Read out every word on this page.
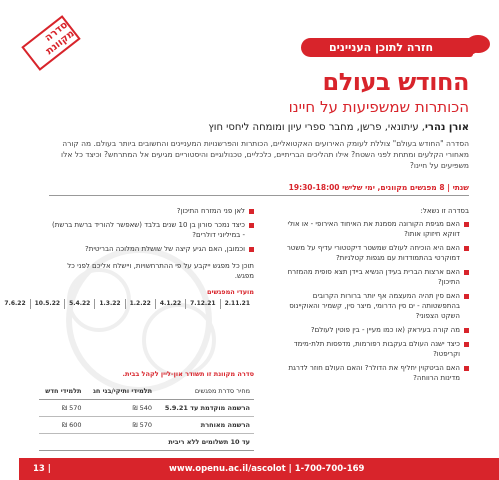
סדרה מקוונת	חזרה לתוכן העניינים
החודש בעולם
הכותרות שמשפיעות על חיינו
אורן נהרי, עיתונאי, פרשן, מחבר ספרי עיון ומומחה ליחסי חוץ
הסדרה "החודש בעולם" צוללת לעומק האירועים האקטואליים, הכותרות והפרשנויות המעניינים והחשובים ביותר בעולם. מה קורה מאחורי הקלעים ומתחת לפני השטח? אילו תהליכים הבריתיים, כלכליים, טכנולוגיים והיסטוריים מגיעים אל המתרחש? וכיצד כל אלו משפיעים על חיינו?
שנתי | 8 מפגשים מקוונים, ימי שלישי 19:30-18:00
בסדרה זו נשאל:
האם מגיפת הקורונה מסמנת את האיחוד האירופי - או אולי דווקא חיזוקו אותו?
האם היא הוכיחה לעולם שמשטר דיקטטורי עדיף על משטר דמוקרטי בהתמודדות עם מגפות קטלניות?
האם ארצות הברית בעידן הנשיא ביידן תצא סופית מהמזרח התיכון?
האם סין תהיה המעצמה אף יותר ברורות הקרובים בהתפשטותה - ים סין הדרומי, מיצר סין, קשמיר והאוקיינוס השקט הצפוני?
מה קורה בעיראק (או כמו מעיין - בין פוטין לעולם?
כיצד ישנה העולם בעקבות רפורמות, מדפסות תלת-מימד וקריפטו?
האם הביטקוין יחליף את הדולר? והאם העולם חוזר לדרגת מדינות הרווחה?
לאן פני המזרח התיכון?
כיצד נמכר סורון בן 10 שנים בלבד (שאפשר להוריד ברשת ברשת) - במיליוני דולרים?
וכמובן, האם הגיע קיצה של שושלת המלוכה הבריטית?
תוכן כל מפגש ייקבע על פי ההתרחשויות, ויישלח אליכם לפני כל מפגש.
מועדי המפגשים
2.11.21
7.12.21
4.1.22
1.2.22
1.3.22
5.4.22
10.5.22
7.6.22
סדרה מקוונת זו תשודר און-ליין לקהל בבית.
מחיר סדרת מפגשים	תלמידי ותיקי/בני חג	תלמידי חדש
הרשמה מוקדמת עד 5.9.21	540 ₪	570 ₪
הרשמה מאוחרת	570 ₪	600 ₪
עד 10 תשלומים ללא ריבית
13 |	www.openu.ac.il/ascolot | 1-700-700-169
